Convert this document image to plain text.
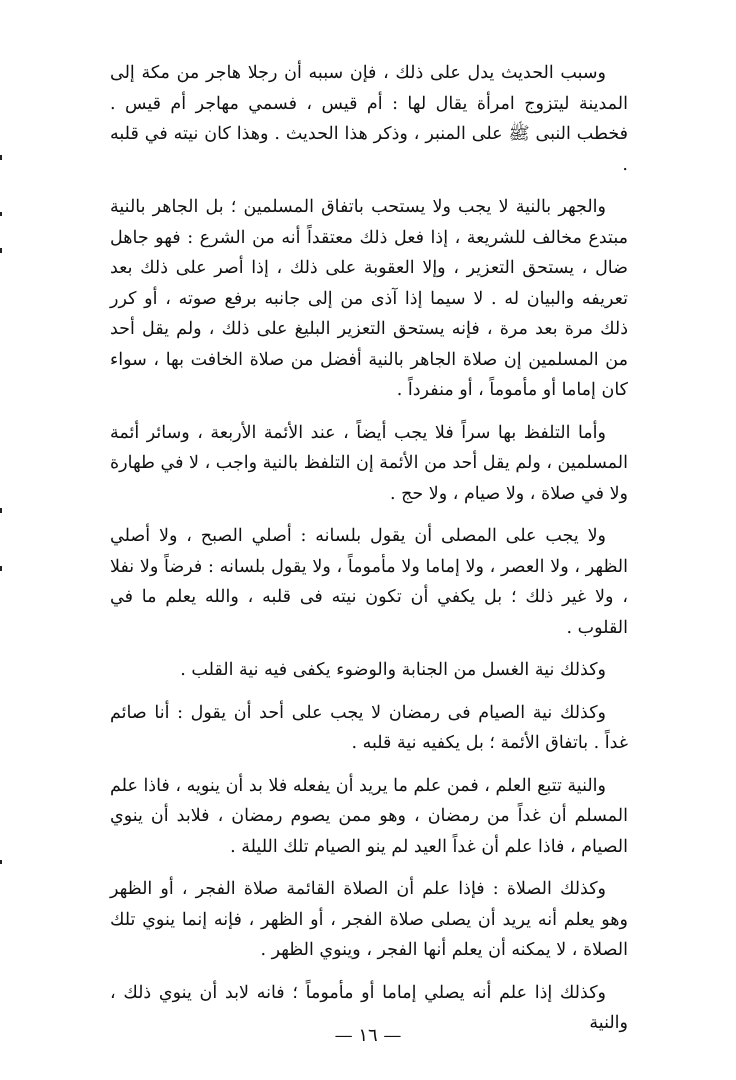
وسبب الحديث يدل على ذلك ، فإن سببه أن رجلا هاجر من مكة إلى المدينة ليتزوج امرأة يقال لها : أم قيس ، فسمي مهاجر أم قيس . فخطب النبى ﷺ على المنبر ، وذكر هذا الحديث . وهذا كان نيته في قلبه .

والجهر بالنية لا يجب ولا يستحب باتفاق المسلمين ؛ بل الجاهر بالنية مبتدع مخالف للشريعة ، إذا فعل ذلك معتقداً أنه من الشرع : فهو جاهل ضال ، يستحق التعزير ، وإلا العقوبة على ذلك ، إذا أصر على ذلك بعد تعريفه والبيان له . لا سيما إذا آذى من إلى جانبه برفع صوته ، أو كرر ذلك مرة بعد مرة ، فإنه يستحق التعزير البليغ على ذلك ، ولم يقل أحد من المسلمين إن صلاة الجاهر بالنية أفضل من صلاة الخافت بها ، سواء كان إماما أو مأموماً ، أو منفرداً .

وأما التلفظ بها سراً فلا يجب أيضاً ، عند الأئمة الأربعة ، وسائر أئمة المسلمين ، ولم يقل أحد من الأئمة إن التلفظ بالنية واجب ، لا في طهارة ولا في صلاة ، ولا صيام ، ولا حج .

ولا يجب على المصلى أن يقول بلسانه : أصلي الصبح ، ولا أصلي الظهر ، ولا العصر ، ولا إماما ولا مأموماً ، ولا يقول بلسانه : فرضاً ولا نفلا ، ولا غير ذلك ؛ بل يكفي أن تكون نيته فى قلبه ، والله يعلم ما في القلوب .

وكذلك نية الغسل من الجنابة والوضوء يكفى فيه نية القلب .

وكذلك نية الصيام فى رمضان لا يجب على أحد أن يقول : أنا صائم غداً . باتفاق الأئمة ؛ بل يكفيه نية قلبه .

والنية تتبع العلم ، فمن علم ما يريد أن يفعله فلا بد أن ينويه ، فاذا علم المسلم أن غداً من رمضان ، وهو ممن يصوم رمضان ، فلابد أن ينوي الصيام ، فاذا علم أن غداً العيد لم ينو الصيام تلك الليلة .

وكذلك الصلاة : فإذا علم أن الصلاة القائمة صلاة الفجر ، أو الظهر وهو يعلم أنه يريد أن يصلى صلاة الفجر ، أو الظهر ، فإنه إنما ينوي تلك الصلاة ، لا يمكنه أن يعلم أنها الفجر ، وينوي الظهر .

وكذلك إذا علم أنه يصلي إماما أو مأموماً ؛ فانه لابد أن ينوي ذلك ، والنية

— ١٦ —
